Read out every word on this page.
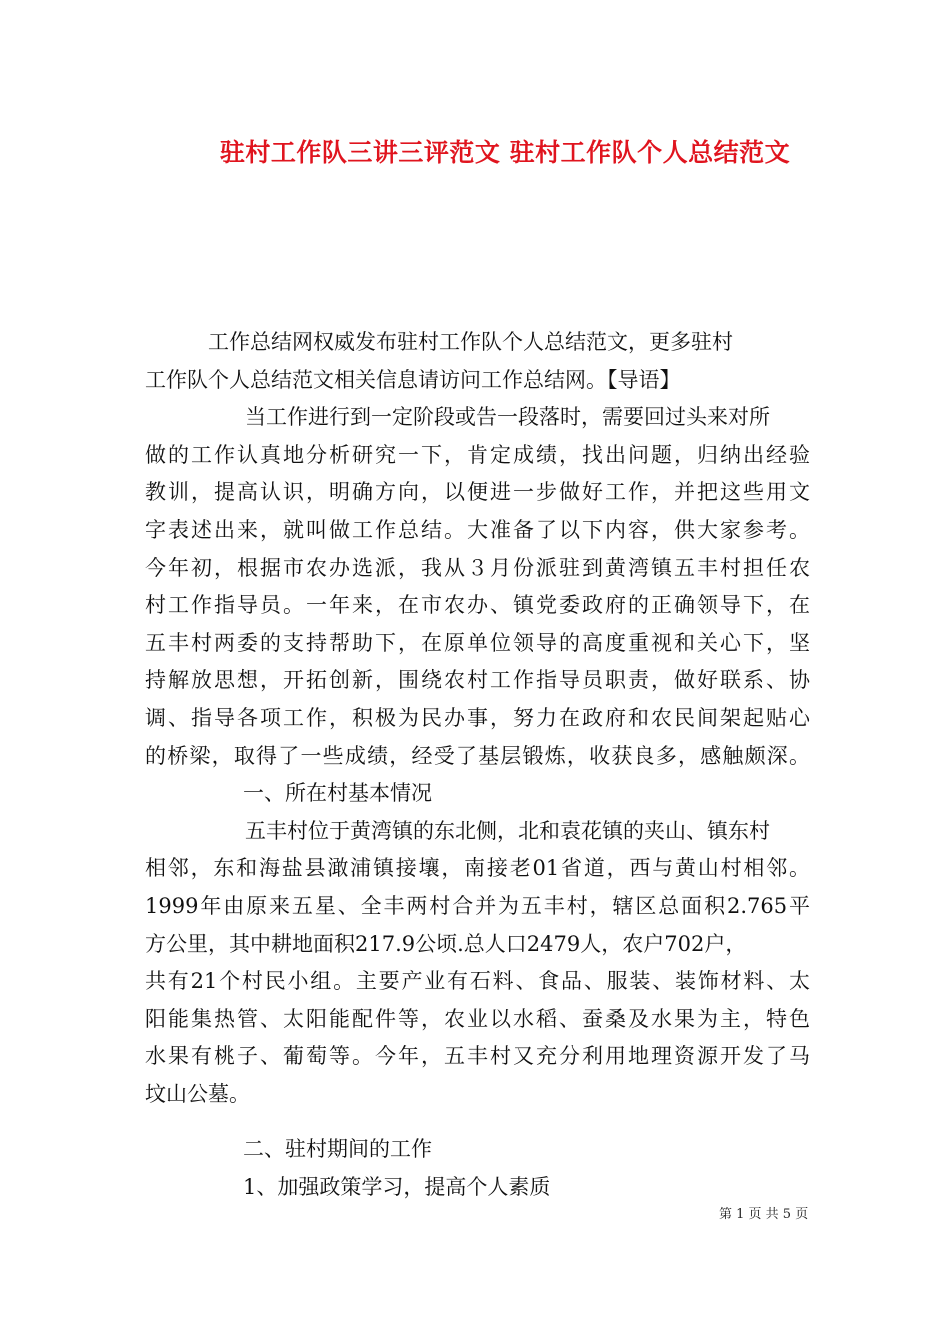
驻村工作队三讲三评范文 驻村工作队个人总结范文
工作总结网权威发布驻村工作队个人总结范文，更多驻村
工作队个人总结范文相关信息请访问工作总结网。【导语】
当工作进行到一定阶段或告一段落时，需要回过头来对所
做的工作认真地分析研究一下，肯定成绩，找出问题，归纳出经验
教训，提高认识，明确方向，以便进一步做好工作，并把这些用文
字表述出来，就叫做工作总结。大准备了以下内容，供大家参考。
今年初，根据市农办选派，我从３月份派驻到黄湾镇五丰村担任农
村工作指导员。一年来，在市农办、镇党委政府的正确领导下，在
五丰村两委的支持帮助下，在原单位领导的高度重视和关心下，坚
持解放思想，开拓创新，围绕农村工作指导员职责，做好联系、协
调、指导各项工作，积极为民办事，努力在政府和农民间架起贴心
的桥梁，取得了一些成绩，经受了基层锻炼，收获良多，感触颇深。
一、所在村基本情况
五丰村位于黄湾镇的东北侧，北和袁花镇的夹山、镇东村
相邻，东和海盐县澉浦镇接壤，南接老01省道，西与黄山村相邻。
1999年由原来五星、全丰两村合并为五丰村，辖区总面积2.765平
方公里，其中耕地面积217.9公顷.总人口2479人，农户702户，
共有21个村民小组。主要产业有石料、食品、服装、装饰材料、太
阳能集热管、太阳能配件等，农业以水稻、蚕桑及水果为主，特色
水果有桃子、葡萄等。今年，五丰村又充分利用地理资源开发了马
坟山公墓。
二、驻村期间的工作
1、加强政策学习，提高个人素质
第 1 页 共 5 页
